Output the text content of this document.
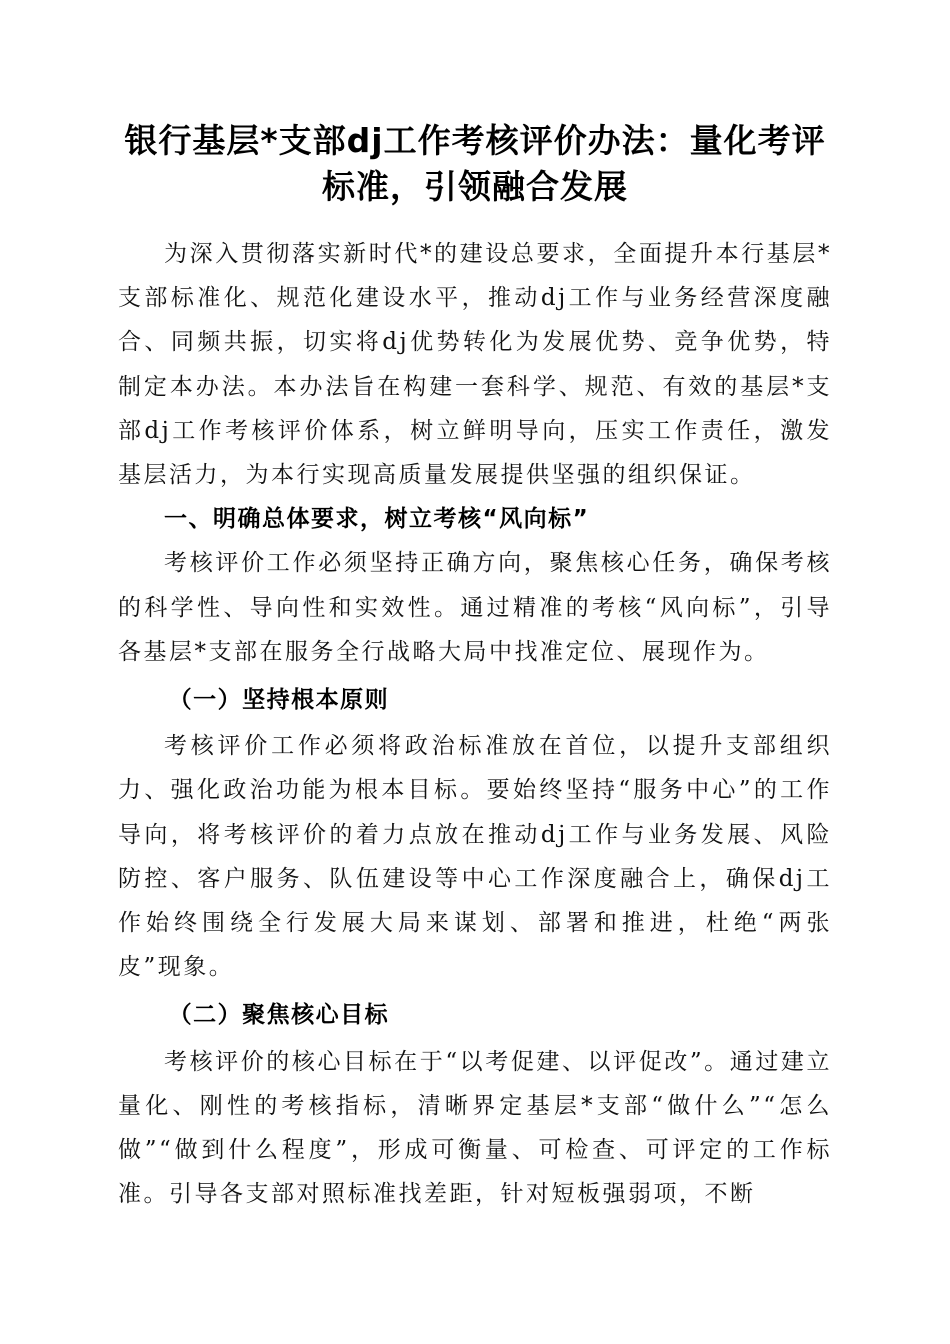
银行基层*支部dj工作考核评价办法：量化考评标准，引领融合发展

为深入贯彻落实新时代*的建设总要求，全面提升本行基层*支部标准化、规范化建设水平，推动dj工作与业务经营深度融合、同频共振，切实将dj优势转化为发展优势、竞争优势，特制定本办法。本办法旨在构建一套科学、规范、有效的基层*支部dj工作考核评价体系，树立鲜明导向，压实工作责任，激发基层活力，为本行实现高质量发展提供坚强的组织保证。

一、明确总体要求，树立考核“风向标”

考核评价工作必须坚持正确方向，聚焦核心任务，确保考核的科学性、导向性和实效性。通过精准的考核“风向标”，引导各基层*支部在服务全行战略大局中找准定位、展现作为。

（一）坚持根本原则

考核评价工作必须将政治标准放在首位，以提升支部组织力、强化政治功能为根本目标。要始终坚持“服务中心”的工作导向，将考核评价的着力点放在推动dj工作与业务发展、风险防控、客户服务、队伍建设等中心工作深度融合上，确保dj工作始终围绕全行发展大局来谋划、部署和推进，杜绝“两张皮”现象。

（二）聚焦核心目标

考核评价的核心目标在于“以考促建、以评促改”。通过建立量化、刚性的考核指标，清晰界定基层*支部“做什么”“怎么做”“做到什么程度”，形成可衡量、可检查、可评定的工作标准。引导各支部对照标准找差距，针对短板强弱项，不断
